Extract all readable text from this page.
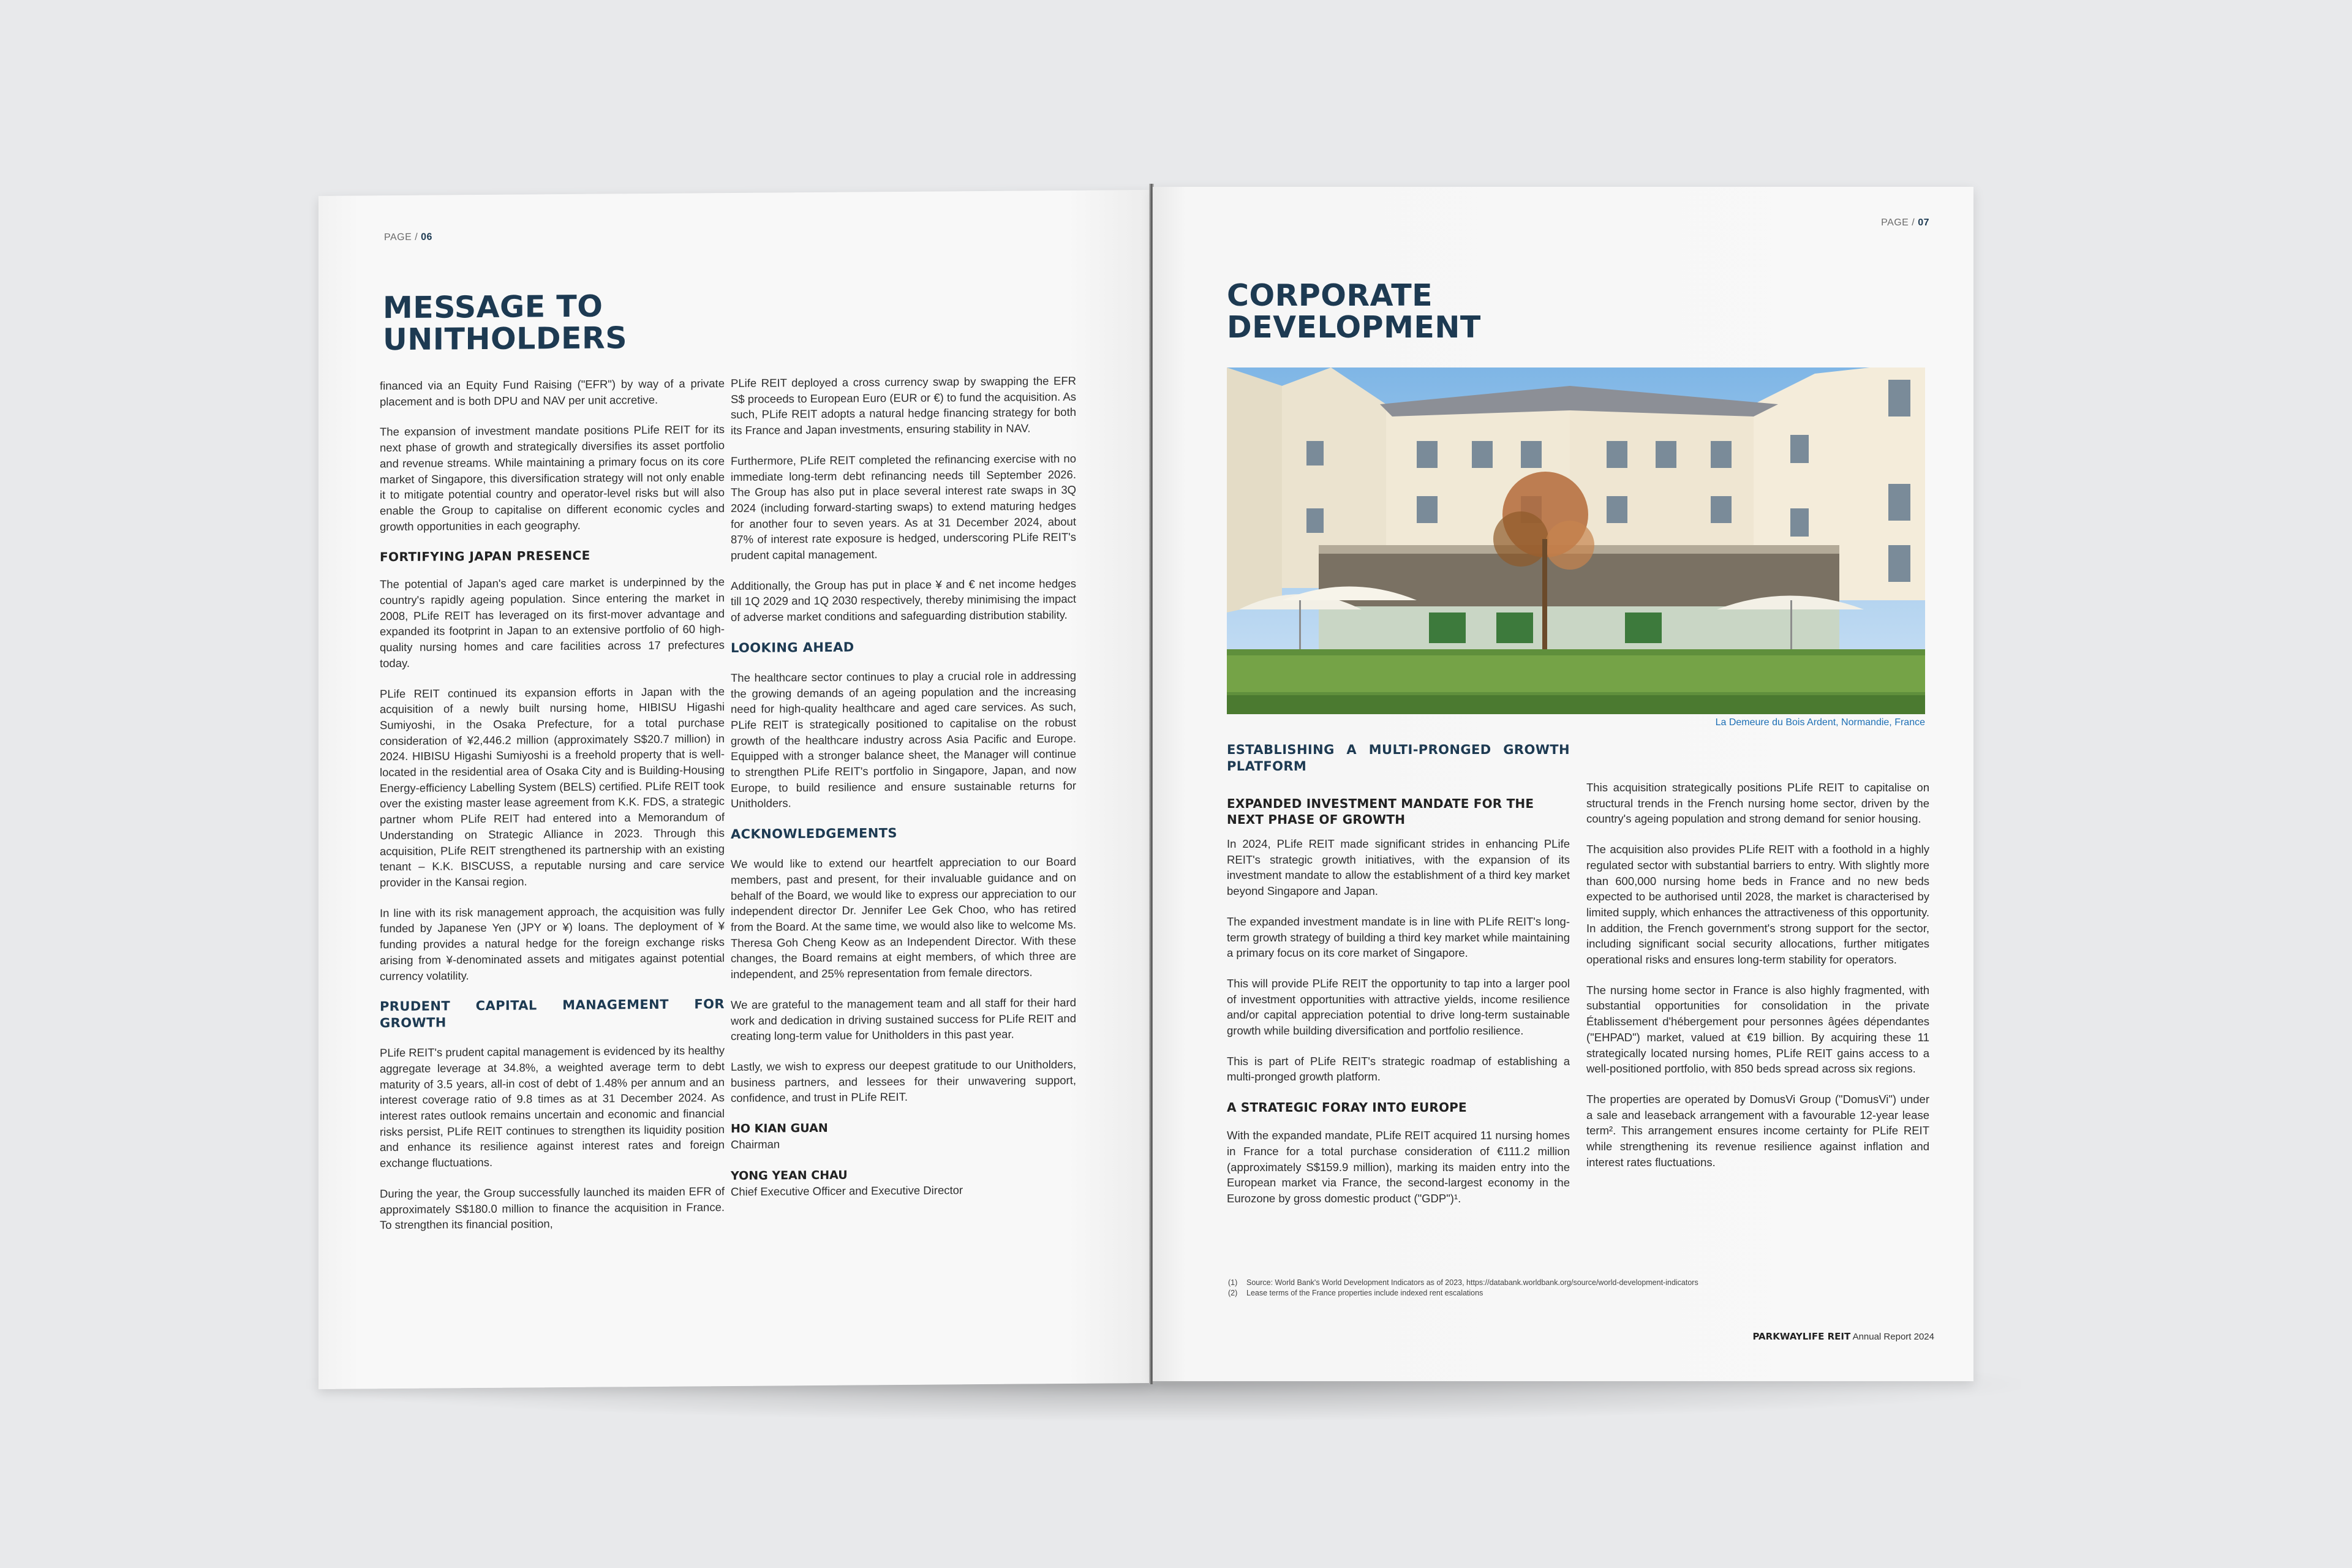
PAGE / 06
MESSAGE TO
UNITHOLDERS

financed via an Equity Fund Raising ("EFR") by way of a private placement and is both DPU and NAV per unit accretive.

The expansion of investment mandate positions PLife REIT for its next phase of growth and strategically diversifies its asset portfolio and revenue streams. While maintaining a primary focus on its core market of Singapore, this diversification strategy will not only enable it to mitigate potential country and operator-level risks but will also enable the Group to capitalise on different economic cycles and growth opportunities in each geography.

FORTIFYING JAPAN PRESENCE

The potential of Japan's aged care market is underpinned by the country's rapidly ageing population. Since entering the market in 2008, PLife REIT has leveraged on its first-mover advantage and expanded its footprint in Japan to an extensive portfolio of 60 high-quality nursing homes and care facilities across 17 prefectures today.

PLife REIT continued its expansion efforts in Japan with the acquisition of a newly built nursing home, HIBISU Higashi Sumiyoshi, in the Osaka Prefecture, for a total purchase consideration of ¥2,446.2 million (approximately S$20.7 million) in 2024. HIBISU Higashi Sumiyoshi is a freehold property that is well-located in the residential area of Osaka City and is Building-Housing Energy-efficiency Labelling System (BELS) certified. PLife REIT took over the existing master lease agreement from K.K. FDS, a strategic partner whom PLife REIT had entered into a Memorandum of Understanding on Strategic Alliance in 2023. Through this acquisition, PLife REIT strengthened its partnership with an existing tenant – K.K. BISCUSS, a reputable nursing and care service provider in the Kansai region.

In line with its risk management approach, the acquisition was fully funded by Japanese Yen (JPY or ¥) loans. The deployment of ¥ funding provides a natural hedge for the foreign exchange risks arising from ¥-denominated assets and mitigates against potential currency volatility.

PRUDENT CAPITAL MANAGEMENT FOR GROWTH

PLife REIT's prudent capital management is evidenced by its healthy aggregate leverage at 34.8%, a weighted average term to debt maturity of 3.5 years, all-in cost of debt of 1.48% per annum and an interest coverage ratio of 9.8 times as at 31 December 2024. As interest rates outlook remains uncertain and economic and financial risks persist, PLife REIT continues to strengthen its liquidity position and enhance its resilience against interest rates and foreign exchange fluctuations.

During the year, the Group successfully launched its maiden EFR of approximately S$180.0 million to finance the acquisition in France. To strengthen its financial position,

PLife REIT deployed a cross currency swap by swapping the EFR S$ proceeds to European Euro (EUR or €) to fund the acquisition. As such, PLife REIT adopts a natural hedge financing strategy for both its France and Japan investments, ensuring stability in NAV.

Furthermore, PLife REIT completed the refinancing exercise with no immediate long-term debt refinancing needs till September 2026. The Group has also put in place several interest rate swaps in 3Q 2024 (including forward-starting swaps) to extend maturing hedges for another four to seven years. As at 31 December 2024, about 87% of interest rate exposure is hedged, underscoring PLife REIT's prudent capital management.

Additionally, the Group has put in place ¥ and € net income hedges till 1Q 2029 and 1Q 2030 respectively, thereby minimising the impact of adverse market conditions and safeguarding distribution stability.

LOOKING AHEAD

The healthcare sector continues to play a crucial role in addressing the growing demands of an ageing population and the increasing need for high-quality healthcare and aged care services. As such, PLife REIT is strategically positioned to capitalise on the robust growth of the healthcare industry across Asia Pacific and Europe. Equipped with a stronger balance sheet, the Manager will continue to strengthen PLife REIT's portfolio in Singapore, Japan, and now Europe, to build resilience and ensure sustainable returns for Unitholders.

ACKNOWLEDGEMENTS

We would like to extend our heartfelt appreciation to our Board members, past and present, for their invaluable guidance and on behalf of the Board, we would like to express our appreciation to our independent director Dr. Jennifer Lee Gek Choo, who has retired from the Board. At the same time, we would also like to welcome Ms. Theresa Goh Cheng Keow as an Independent Director. With these changes, the Board remains at eight members, of which three are independent, and 25% representation from female directors.

We are grateful to the management team and all staff for their hard work and dedication in driving sustained success for PLife REIT and creating long-term value for Unitholders in this past year.

Lastly, we wish to express our deepest gratitude to our Unitholders, business partners, and lessees for their unwavering support, confidence, and trust in PLife REIT.

HO KIAN GUAN

Chairman

YONG YEAN CHAU

Chief Executive Officer and Executive Director

PAGE / 07
CORPORATE
DEVELOPMENT
ESTABLISHING A MULTI-PRONGED GROWTH PLATFORM
EXPANDED INVESTMENT MANDATE FOR THE NEXT PHASE OF GROWTH

In 2024, PLife REIT made significant strides in enhancing PLife REIT's strategic growth initiatives, with the expansion of its investment mandate to allow the establishment of a third key market beyond Singapore and Japan.

The expanded investment mandate is in line with PLife REIT's long-term growth strategy of building a third key market while maintaining a primary focus on its core market of Singapore.

This will provide PLife REIT the opportunity to tap into a larger pool of investment opportunities with attractive yields, income resilience and/or capital appreciation potential to drive long-term sustainable growth while building diversification and portfolio resilience.

This is part of PLife REIT's strategic roadmap of establishing a multi-pronged growth platform.

A STRATEGIC FORAY INTO EUROPE

With the expanded mandate, PLife REIT acquired 11 nursing homes in France for a total purchase consideration of €111.2 million (approximately S$159.9 million), marking its maiden entry into the European market via France, the second-largest economy in the Eurozone by gross domestic product ("GDP")¹.

This acquisition strategically positions PLife REIT to capitalise on structural trends in the French nursing home sector, driven by the country's ageing population and strong demand for senior housing.

The acquisition also provides PLife REIT with a foothold in a highly regulated sector with substantial barriers to entry. With slightly more than 600,000 nursing home beds in France and no new beds expected to be authorised until 2028, the market is characterised by limited supply, which enhances the attractiveness of this opportunity. In addition, the French government's strong support for the sector, including significant social security allocations, further mitigates operational risks and ensures long-term stability for operators.

The nursing home sector in France is also highly fragmented, with substantial opportunities for consolidation in the private Établissement d'hébergement pour personnes âgées dépendantes ("EHPAD") market, valued at €19 billion. By acquiring these 11 strategically located nursing homes, PLife REIT gains access to a well-positioned portfolio, with 850 beds spread across six regions.

The properties are operated by DomusVi Group ("DomusVi") under a sale and leaseback arrangement with a favourable 12-year lease term². This arrangement ensures income certainty for PLife REIT while strengthening its revenue resilience against inflation and interest rates fluctuations.

La Demeure du Bois Ardent, Normandie, France

(1)	Source: World Bank's World Development Indicators as of 2023, https://databank.worldbank.org/source/world-development-indicators

(2)	Lease terms of the France properties include indexed rent escalations

PARKWAYLIFE REIT Annual Report 2024
